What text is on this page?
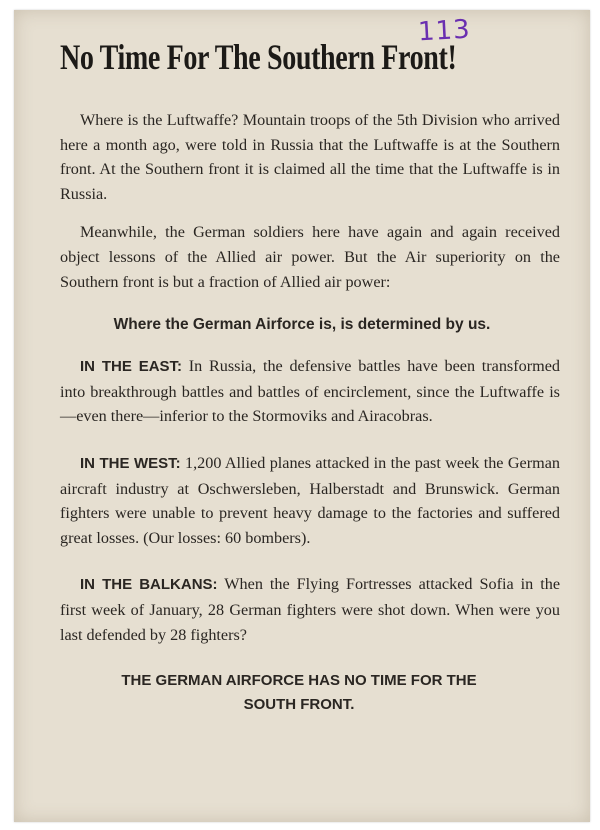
113
No Time For The Southern Front!

Where is the Luftwaffe? Mountain troops of the 5th Division who arrived here a month ago, were told in Russia that the Luftwaffe is at the Southern front. At the Southern front it is claimed all the time that the Luftwaffe is in Russia.

Meanwhile, the German soldiers here have again and again received object lessons of the Allied air power. But the Air superiority on the Southern front is but a fraction of Allied air power:

Where the German Airforce is, is determined by us.

IN THE EAST: In Russia, the defensive battles have been transformed into breakthrough battles and battles of encirclement, since the Luftwaffe is—even there—inferior to the Stormoviks and Airacobras.

IN THE WEST: 1,200 Allied planes attacked in the past week the German aircraft industry at Oschwersleben, Halberstadt and Brunswick. German fighters were unable to prevent heavy damage to the factories and suffered great losses. (Our losses: 60 bombers).

IN THE BALKANS: When the Flying Fortresses attacked Sofia in the first week of January, 28 German fighters were shot down. When were you last defended by 28 fighters?

THE GERMAN AIRFORCE HAS NO TIME FOR THE
SOUTH FRONT.
